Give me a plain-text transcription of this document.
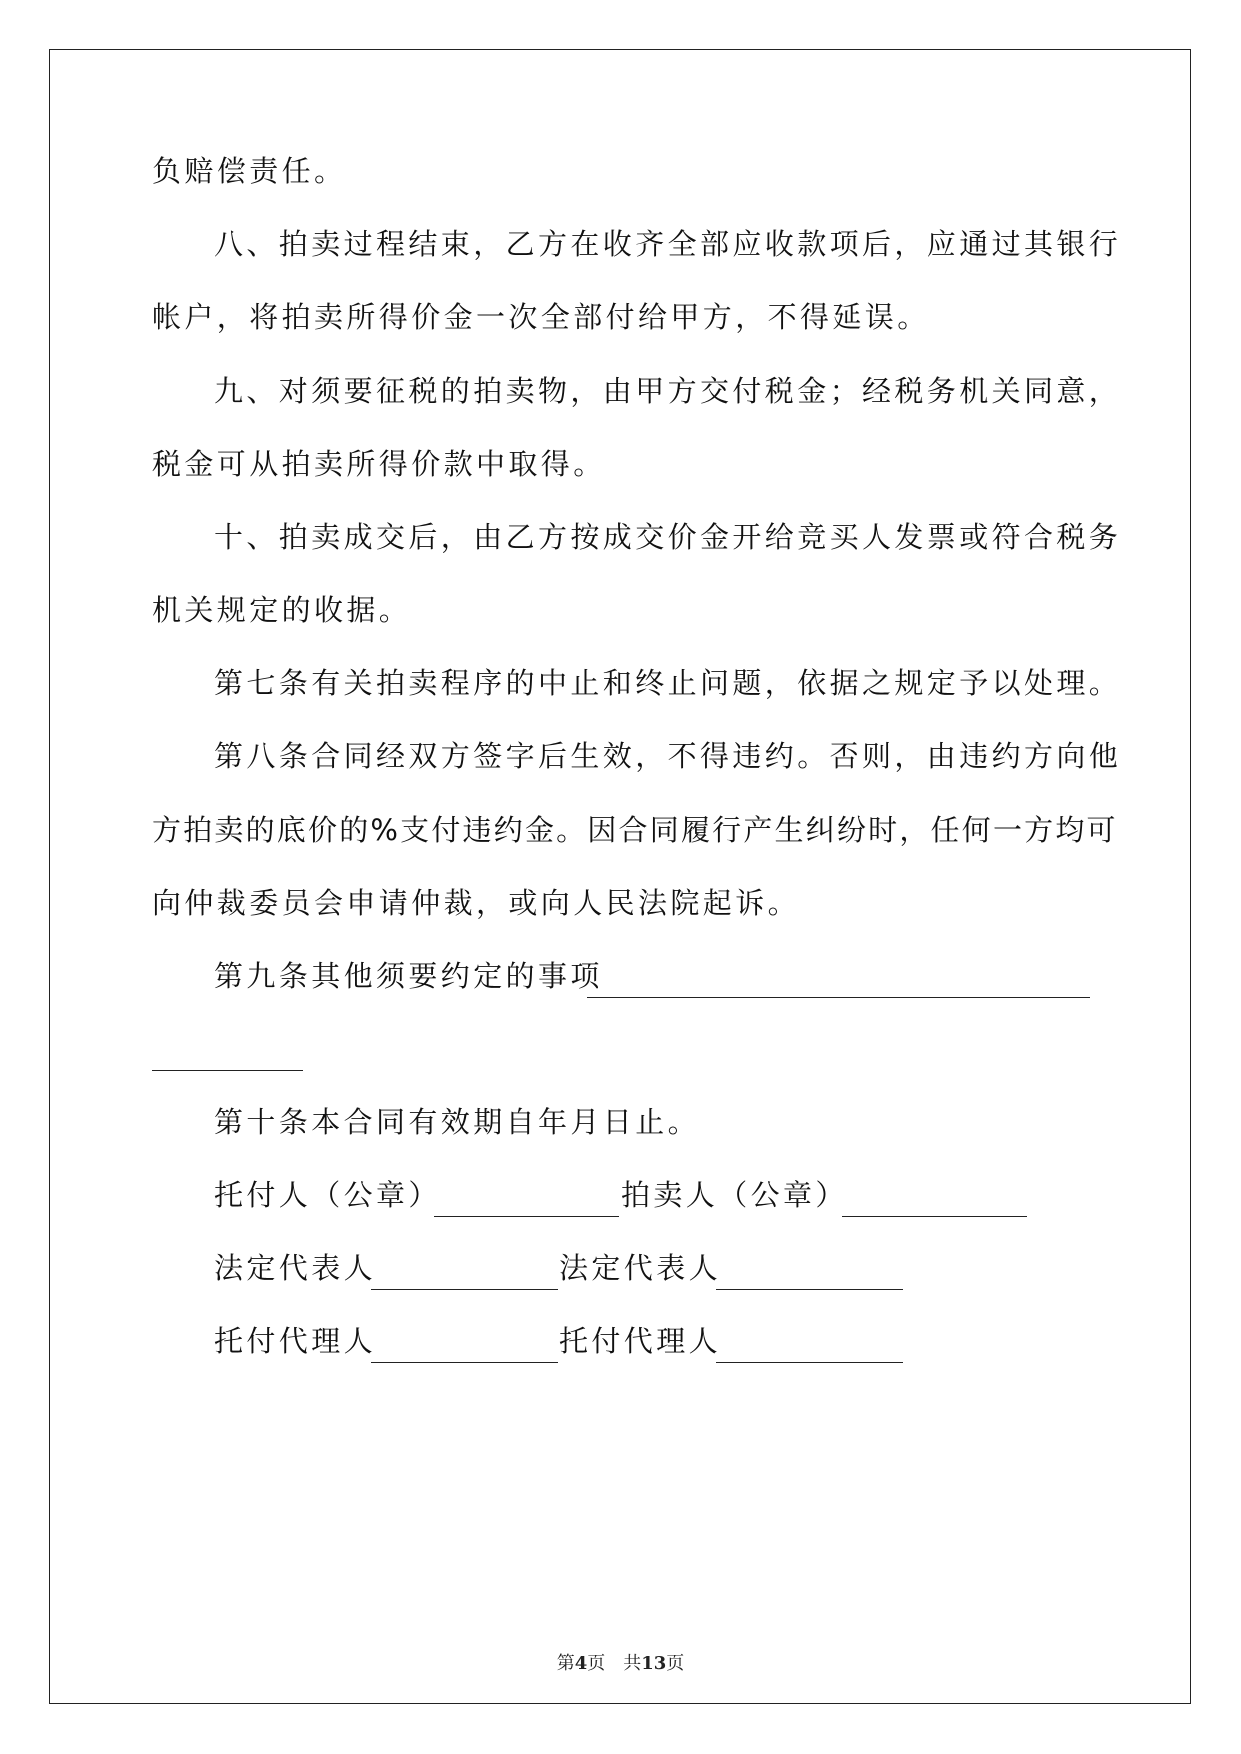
负赔偿责任。
八、拍卖过程结束，乙方在收齐全部应收款项后，应通过其银行
帐户，将拍卖所得价金一次全部付给甲方，不得延误。
九、对须要征税的拍卖物，由甲方交付税金；经税务机关同意，
税金可从拍卖所得价款中取得。
十、拍卖成交后，由乙方按成交价金开给竞买人发票或符合税务
机关规定的收据。
第七条有关拍卖程序的中止和终止问题，依据之规定予以处理。
第八条合同经双方签字后生效，不得违约。否则，由违约方向他
方拍卖的底价的%支付违约金。因合同履行产生纠纷时，任何一方均可
向仲裁委员会申请仲裁，或向人民法院起诉。
第九条其他须要约定的事项
第十条本合同有效期自年月日止。
托付人（公章）	拍卖人（公章）
法定代表人	法定代表人
托付代理人	托付代理人
第4页 共13页
